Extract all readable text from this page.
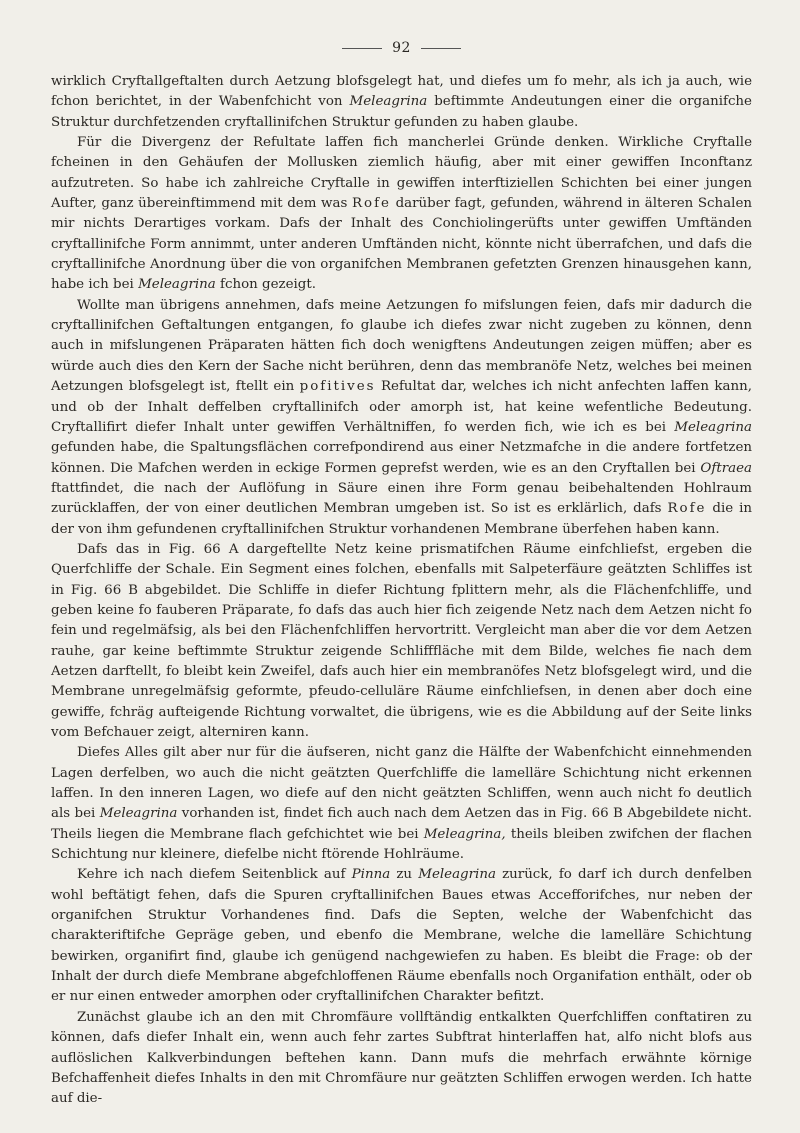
92

wirklich Cryftallgeftalten durch Aetzung blofsgelegt hat, und diefes um fo mehr, als ich ja auch, wie fchon berichtet, in der Wabenfchicht von Meleagrina beftimmte Andeutungen einer die organifche Struktur durchfetzenden cryftallinifchen Struktur gefunden zu haben glaube.

Für die Divergenz der Refultate laffen fich mancherlei Gründe denken. Wirkliche Cryftalle fcheinen in den Gehäufen der Mollusken ziemlich häufig, aber mit einer gewiffen Inconftanz aufzutreten. So habe ich zahlreiche Cryftalle in gewiffen interftiziellen Schichten bei einer jungen Aufter, ganz übereinftimmend mit dem was Rofe darüber fagt, gefunden, während in älteren Schalen mir nichts Derartiges vorkam. Dafs der Inhalt des Conchiolingerüfts unter gewiffen Umftänden cryftallinifche Form annimmt, unter anderen Umftänden nicht, könnte nicht überrafchen, und dafs die cryftallinifche Anordnung über die von organifchen Membranen gefetzten Grenzen hinausgehen kann, habe ich bei Meleagrina fchon gezeigt.

Wollte man übrigens annehmen, dafs meine Aetzungen fo mifslungen feien, dafs mir dadurch die cryftallinifchen Geftaltungen entgangen, fo glaube ich diefes zwar nicht zugeben zu können, denn auch in mifslungenen Präparaten hätten fich doch wenigftens Andeutungen zeigen müffen; aber es würde auch dies den Kern der Sache nicht berühren, denn das membranöfe Netz, welches bei meinen Aetzungen blofsgelegt ist, ftellt ein pofitives Refultat dar, welches ich nicht anfechten laffen kann, und ob der Inhalt deffelben cryftallinifch oder amorph ist, hat keine wefentliche Bedeutung. Cryftallifirt diefer Inhalt unter gewiffen Verhältniffen, fo werden fich, wie ich es bei Meleagrina gefunden habe, die Spaltungsflächen correfpondirend aus einer Netzmafche in die andere fortfetzen können. Die Mafchen werden in eckige Formen geprefst werden, wie es an den Cryftallen bei Oftraea ftattfindet, die nach der Auflöfung in Säure einen ihre Form genau beibehaltenden Hohlraum zurücklaffen, der von einer deutlichen Membran umgeben ist. So ist es erklärlich, dafs Rofe die in der von ihm gefundenen cryftallinifchen Struktur vorhandenen Membrane überfehen haben kann.

Dafs das in Fig. 66 A dargeftellte Netz keine prismatifchen Räume einfchliefst, ergeben die Querfchliffe der Schale. Ein Segment eines folchen, ebenfalls mit Salpeterfäure geätzten Schliffes ist in Fig. 66 B abgebildet. Die Schliffe in diefer Richtung fplittern mehr, als die Flächenfchliffe, und geben keine fo fauberen Präparate, fo dafs das auch hier fich zeigende Netz nach dem Aetzen nicht fo fein und regelmäfsig, als bei den Flächenfchliffen hervortritt. Vergleicht man aber die vor dem Aetzen rauhe, gar keine beftimmte Struktur zeigende Schlifffläche mit dem Bilde, welches fie nach dem Aetzen darftellt, fo bleibt kein Zweifel, dafs auch hier ein membranöfes Netz blofsgelegt wird, und die Membrane unregelmäfsig geformte, pfeudo-celluläre Räume einfchliefsen, in denen aber doch eine gewiffe, fchräg aufteigende Richtung vorwaltet, die übrigens, wie es die Abbildung auf der Seite links vom Befchauer zeigt, alterniren kann.

Diefes Alles gilt aber nur für die äufseren, nicht ganz die Hälfte der Wabenfchicht einnehmenden Lagen derfelben, wo auch die nicht geätzten Querfchliffe die lamelläre Schichtung nicht erkennen laffen. In den inneren Lagen, wo diefe auf den nicht geätzten Schliffen, wenn auch nicht fo deutlich als bei Meleagrina vorhanden ist, findet fich auch nach dem Aetzen das in Fig. 66 B Abgebildete nicht. Theils liegen die Membrane flach gefchichtet wie bei Meleagrina, theils bleiben zwifchen der flachen Schichtung nur kleinere, diefelbe nicht ftörende Hohlräume.

Kehre ich nach diefem Seitenblick auf Pinna zu Meleagrina zurück, fo darf ich durch denfelben wohl beftätigt fehen, dafs die Spuren cryftallinifchen Baues etwas Accefforifches, nur neben der organifchen Struktur Vorhandenes find. Dafs die Septen, welche der Wabenfchicht das charakteriftifche Gepräge geben, und ebenfo die Membrane, welche die lamelläre Schichtung bewirken, organifirt find, glaube ich genügend nachgewiefen zu haben. Es bleibt die Frage: ob der Inhalt der durch diefe Membrane abgefchloffenen Räume ebenfalls noch Organifation enthält, oder ob er nur einen entweder amorphen oder cryftallinifchen Charakter befitzt.

Zunächst glaube ich an den mit Chromfäure vollftändig entkalkten Querfchliffen conftatiren zu können, dafs diefer Inhalt ein, wenn auch fehr zartes Subftrat hinterlaffen hat, alfo nicht blofs aus auflöslichen Kalkverbindungen beftehen kann. Dann mufs die mehrfach erwähnte körnige Befchaffenheit diefes Inhalts in den mit Chromfäure nur geätzten Schliffen erwogen werden. Ich hatte auf die-
